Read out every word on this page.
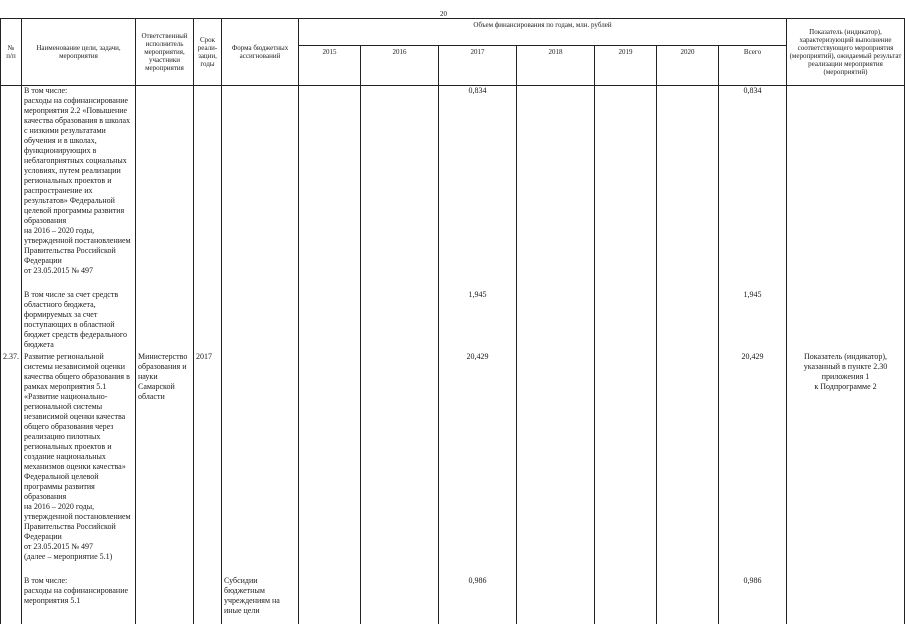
20
№
п/п	Наименование цели, задачи, мероприятия	Ответственный исполнитель мероприятия, участники мероприятия	Срок реали-зации, годы	Форма бюджетных ассигнований	Объем финансирования по годам, млн. рублей							Показатель (индикатор), характеризующий выполнение соответствующего мероприятия (мероприятий), ожидаемый результат реализации мероприятия (мероприятий)
					2015	2016	2017	2018	2019	2020	Всего	
	В том числе:
расходы на софинансирование мероприятия 2.2 «Повышение качества образования в школах с низкими результатами обучения и в школах, функционирующих в неблагоприятных социальных условиях, путем реализации региональных проектов и распространение их результатов» Федеральной целевой программы развития образования
на 2016 – 2020 годы, утвержденной постановлением Правительства Российской Федерации
от 23.05.2015 № 497						0,834				0,834	
	В том числе за счет средств областного бюджета, формируемых за счет поступающих в областной бюджет средств федерального бюджета						1,945				1,945	
2.37.	Развитие региональной системы независимой оценки качества общего образования в рамках мероприятия 5.1 «Развитие национально-региональной системы независимой оценки качества общего образования через реализацию пилотных региональных проектов и создание национальных механизмов оценки качества» Федеральной целевой программы развития образования
на 2016 – 2020 годы, утвержденной постановлением Правительства Российской Федерации
от 23.05.2015 № 497
(далее – мероприятие 5.1)	Министерство образования и науки Самарской области	2017				20,429				20,429	Показатель (индикатор), указанный в пункте 2.30 приложения 1
к Подпрограмме 2
	В том числе:
расходы на софинансирование мероприятия 5.1			Субсидии бюджетным учреждениям на иные цели			0,986				0,986	
